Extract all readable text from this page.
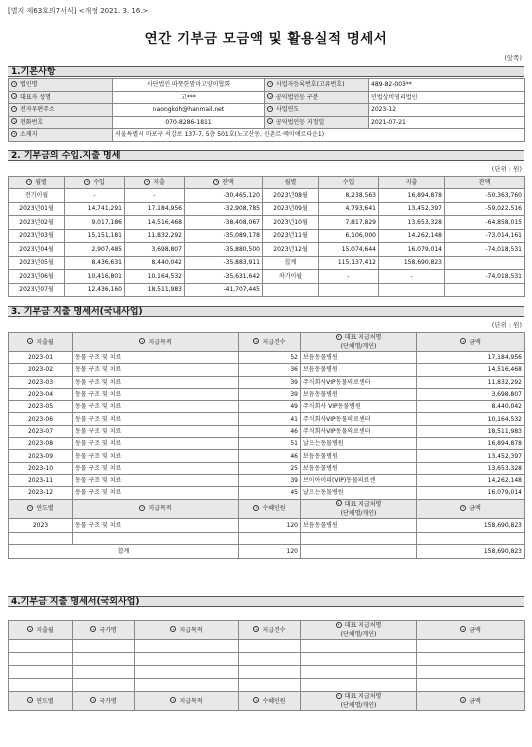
[별지 제63호의7서식] <개정 2021. 3. 16.>
연간 기부금 모금액 및 활용실적 명세서
(앞쪽)
1.기본사항
법인명	사단법인 따뜻한맘마고양이협회	사업자등록번호(고유번호)	489-82-003**
대표자 성명	고***	공익법인등 구분	민법상비영리법인
전자우편주소	naongkoh@hanmail.net	사업연도	2023-12
전화번호	070-8286-1811	공익법인등 지정일	2021-07-21
소재지	서울특별시 마포구 서강로 137-7, 5층 501호(노고산동, 신촌르·메이에르타운1)		
2. 기부금의 수입.지출 명세
(단위 : 원)
월별	수입	지출	잔액	월별	수입	지출	잔액
전기이월	-	-	-30,465,120	2023년08월	8,238,563	16,894,878	-50,363,760
2023년01월	14,741,291	17,184,956	-32,908,785	2023년09월	4,793,641	13,452,397	-59,022,516
2023년02월	9,017,186	14,516,468	-38,408,067	2023년10월	7,817,829	13,653,328	-64,858,015
2023년03월	15,151,181	11,832,292	-35,089,178	2023년11월	6,106,000	14,262,148	-73,014,161
2023년04월	2,907,485	3,698,807	-35,880,500	2023년12월	15,074,644	16,079,014	-74,018,531
2023년05월	8,436,631	8,440,042	-35,883,911	합계	115,137,412	158,690,823	
2023년06월	10,416,801	10,164,532	-35,631,642	차기이월	-	-	-74,018,531
2023년07월	12,436,160	18,511,983	-41,707,445				
3. 기부금 지출 명세서(국내사업)
(단위 : 원)
지출월	지급목적	지급건수	대표 지급처명
(단체명/개인)	금액
2023-01	동물 구조 및 치료	52	보듬동물병원	17,184,956
2023-02	동물 구조 및 치료	36	보듬동물병원	14,516,468
2023-03	동물 구조 및 치료	39	주식회사VIP동물의료센터	11,832,292
2023-04	동물 구조 및 치료	39	보듬동물병원	3,698,807
2023-05	동물 구조 및 치료	49	주식회사 VIP동물병원	8,440,042
2023-06	동물 구조 및 치료	41	주식회사VIP동물의료센터	10,164,532
2023-07	동물 구조 및 치료	46	주식회사VIP동물의료센터	18,511,983
2023-08	동물 구조 및 치료	51	날으는동물병원	16,894,878
2023-09	동물 구조 및 치료	46	보듬동물병원	13,452,397
2023-10	동물 구조 및 치료	25	보듬동물병원	13,653,328
2023-11	동물 구조 및 치료	39	브이아이피(VIP)동물의료센	14,262,148
2023-12	동물 구조 및 치료	45	날으는동물병원	16,079,014
연도별	지급목적	수혜인원	대표 지급처명
(단체명/개인)	금액
2023	동물 구조 및 치료	120	보듬동물병원	158,690,823

합계		120		158,690,823
4.기부금 지출 명세서(국외사업)
지출월	국가명	지급목적	지급건수	대표 지급처명
(단체명/개인)	금액

연도별	국가명	지급목적	수혜인원	대표 지급처명
(단체명/개인)	금액
